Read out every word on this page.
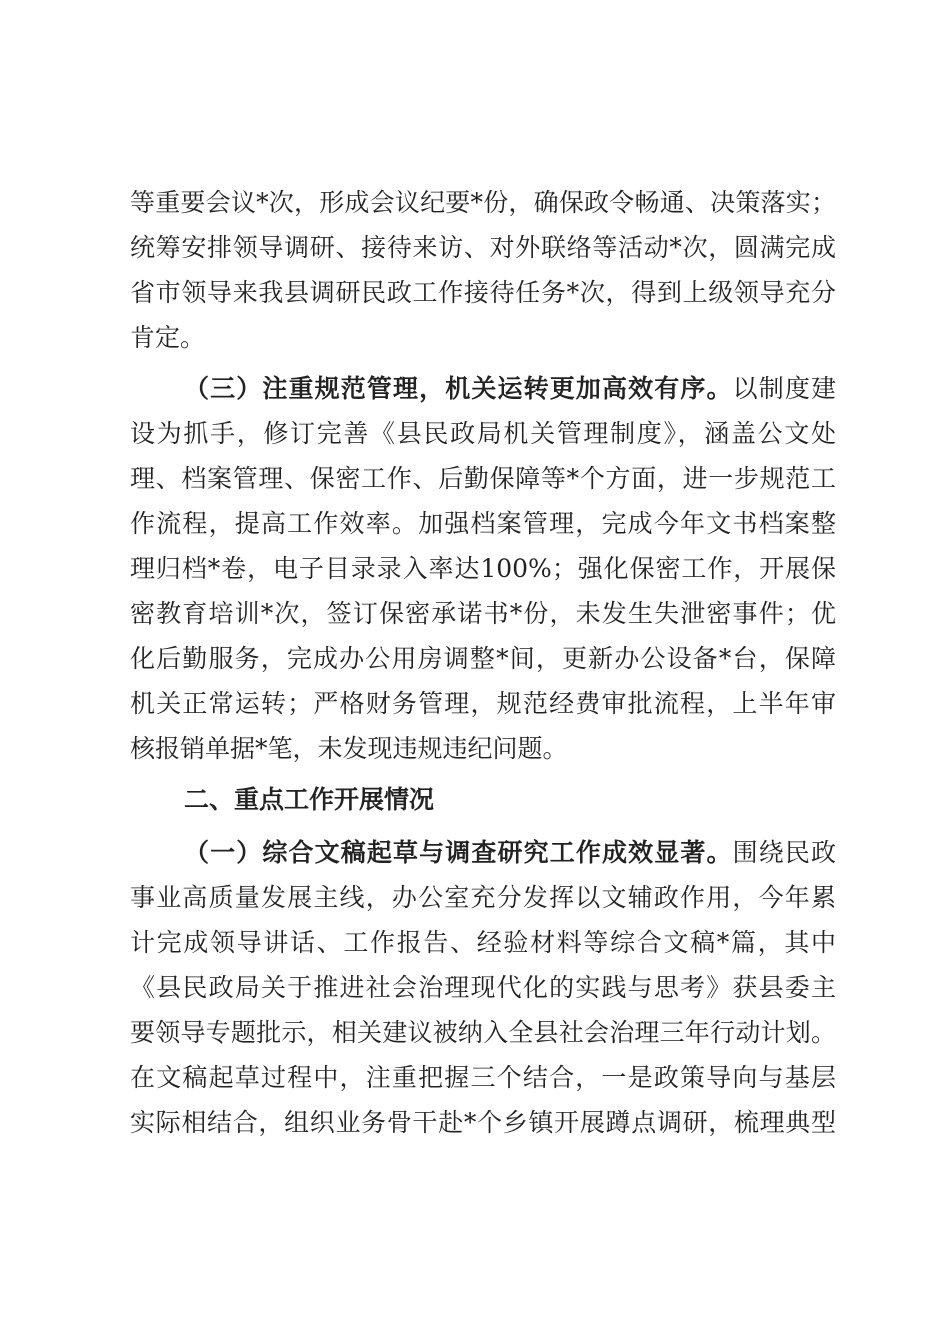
等重要会议*次，形成会议纪要*份，确保政令畅通、决策落实；
统筹安排领导调研、接待来访、对外联络等活动*次，圆满完成
省市领导来我县调研民政工作接待任务*次，得到上级领导充分
肯定。
（三）注重规范管理，机关运转更加高效有序。以制度建
设为抓手，修订完善《县民政局机关管理制度》，涵盖公文处
理、档案管理、保密工作、后勤保障等*个方面，进一步规范工
作流程，提高工作效率。加强档案管理，完成今年文书档案整
理归档*卷，电子目录录入率达100%；强化保密工作，开展保
密教育培训*次，签订保密承诺书*份，未发生失泄密事件；优
化后勤服务，完成办公用房调整*间，更新办公设备*台，保障
机关正常运转；严格财务管理，规范经费审批流程，上半年审
核报销单据*笔，未发现违规违纪问题。
二、重点工作开展情况
（一）综合文稿起草与调查研究工作成效显著。围绕民政
事业高质量发展主线，办公室充分发挥以文辅政作用，今年累
计完成领导讲话、工作报告、经验材料等综合文稿*篇，其中
《县民政局关于推进社会治理现代化的实践与思考》获县委主
要领导专题批示，相关建议被纳入全县社会治理三年行动计划。
在文稿起草过程中，注重把握三个结合，一是政策导向与基层
实际相结合，组织业务骨干赴*个乡镇开展蹲点调研，梳理典型
